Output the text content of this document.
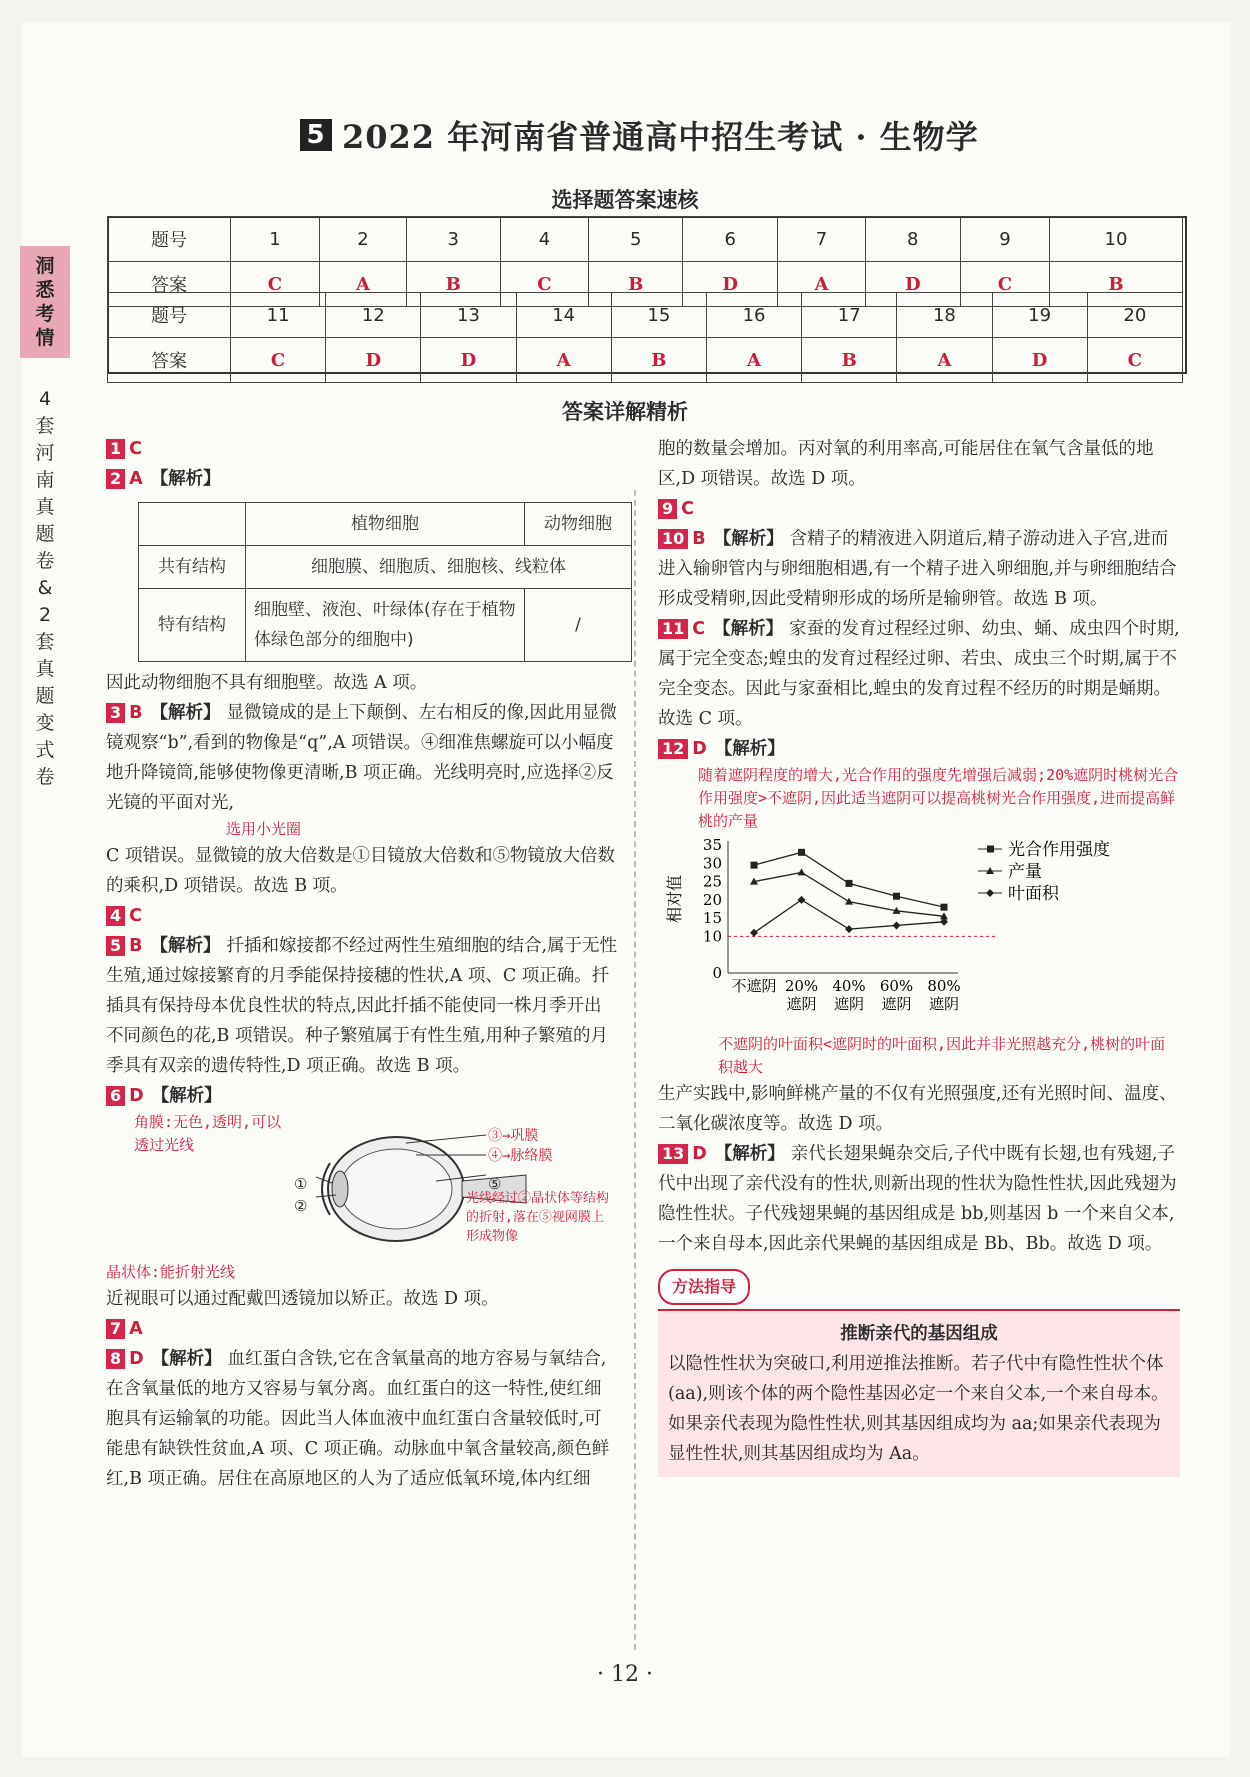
5 2022 年河南省普通高中招生考试 · 生物学
洞悉考情
4套河南真题卷&2套真题变式卷
选择题答案速核
题号	1	2	3	4	5	6	7	8	9	10
答案	C	A	B	C	B	D	A	D	C	B
题号	11	12	13	14	15	16	17	18	19	20
答案	C	D	D	A	B	A	B	A	D	C
答案详解精析
1 C
2 A 【解析】
	植物细胞	动物细胞
共有结构	细胞膜、细胞质、细胞核、线粒体	
特有结构	细胞壁、液泡、叶绿体(存在于植物体绿色部分的细胞中)	/

因此动物细胞不具有细胞壁。故选 A 项。

3 B 【解析】 显微镜成的是上下颠倒、左右相反的像,因此用显微镜观察“b”,看到的物像是“q”,A 项错误。④细准焦螺旋可以小幅度地升降镜筒,能够使物像更清晰,B 项正确。光线明亮时,应选择②反光镜的平面对光,
选用小光圈

C 项错误。显微镜的放大倍数是①目镜放大倍数和⑤物镜放大倍数的乘积,D 项错误。故选 B 项。

4 C
5 B 【解析】 扦插和嫁接都不经过两性生殖细胞的结合,属于无性生殖,通过嫁接繁育的月季能保持接穗的性状,A 项、C 项正确。扦插具有保持母本优良性状的特点,因此扦插不能使同一株月季开出不同颜色的花,B 项错误。种子繁殖属于有性生殖,用种子繁殖的月季具有双亲的遗传特性,D 项正确。故选 B 项。
6 D 【解析】
角膜:无色,透明,可以透过光线	③→巩膜
④→脉络膜
①
②
⑤
光线经过②晶状体等结构的折射,落在⑤视网膜上形成物像
晶状体:能折射光线

近视眼可以通过配戴凹透镜加以矫正。故选 D 项。

7 A
8 D 【解析】 血红蛋白含铁,它在含氧量高的地方容易与氧结合,在含氧量低的地方又容易与氧分离。血红蛋白的这一特性,使红细胞具有运输氧的功能。因此当人体血液中血红蛋白含量较低时,可能患有缺铁性贫血,A 项、C 项正确。动脉血中氧含量较高,颜色鲜红,B 项正确。居住在高原地区的人为了适应低氧环境,体内红细

胞的数量会增加。丙对氧的利用率高,可能居住在氧气含量低的地区,D 项错误。故选 D 项。

9 C
10 B 【解析】 含精子的精液进入阴道后,精子游动进入子宫,进而进入输卵管内与卵细胞相遇,有一个精子进入卵细胞,并与卵细胞结合形成受精卵,因此受精卵形成的场所是输卵管。故选 B 项。
11 C 【解析】 家蚕的发育过程经过卵、幼虫、蛹、成虫四个时期,属于完全变态;蝗虫的发育过程经过卵、若虫、成虫三个时期,属于不完全变态。因此与家蚕相比,蝗虫的发育过程不经历的时期是蛹期。故选 C 项。
12 D 【解析】
随着遮阴程度的增大,光合作用的强度先增强后减弱;20%遮阴时桃树光合作用强度>不遮阴,因此适当遮阴可以提高桃树光合作用强度,进而提高鲜桃的产量
0
10
15
20
25
30
35
相对值
不遮阴 20%
遮阴
40%
遮阴
60%
遮阴
80%
遮阴
光合作用强度
产量
叶面积
不遮阴的叶面积<遮阴时的叶面积,因此并非光照越充分,桃树的叶面积越大

生产实践中,影响鲜桃产量的不仅有光照强度,还有光照时间、温度、二氧化碳浓度等。故选 D 项。

13 D 【解析】 亲代长翅果蝇杂交后,子代中既有长翅,也有残翅,子代中出现了亲代没有的性状,则新出现的性状为隐性性状,因此残翅为隐性性状。子代残翅果蝇的基因组成是 bb,则基因 b 一个来自父本,一个来自母本,因此亲代果蝇的基因组成是 Bb、Bb。故选 D 项。
方法指导
推断亲代的基因组成

以隐性性状为突破口,利用逆推法推断。若子代中有隐性性状个体(aa),则该个体的两个隐性基因必定一个来自父本,一个来自母本。如果亲代表现为隐性性状,则其基因组成均为 aa;如果亲代表现为显性性状,则其基因组成均为 Aa。

· 12 ·
